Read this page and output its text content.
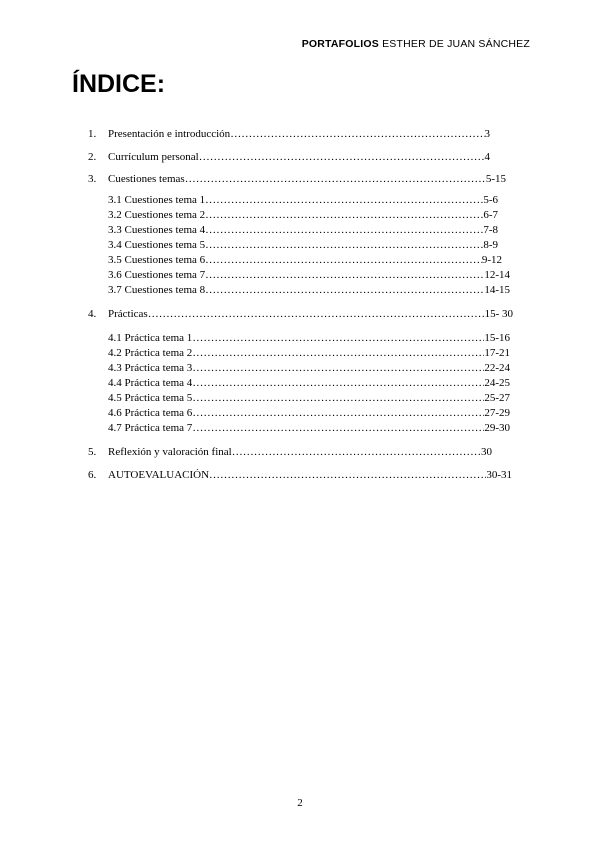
PORTAFOLIOS ESTHER DE JUAN SÁNCHEZ
ÍNDICE:
1.	Presentación e introducción ……………………………………………………………………………………………………………………………………………………………………………	3
2.	Currículum personal ……………………………………………………………………………………………………………………………………………………………………………	4
3.	Cuestiones temas ……………………………………………………………………………………………………………………………………………………………………………	5-15
3.1 Cuestiones tema 1 ……………………………………………………………………………………………………………………………………………………………………………	5-6
3.2 Cuestiones tema 2 ……………………………………………………………………………………………………………………………………………………………………………	6-7
3.3 Cuestiones tema 4 ……………………………………………………………………………………………………………………………………………………………………………	7-8
3.4 Cuestiones tema 5 ……………………………………………………………………………………………………………………………………………………………………………	8-9
3.5 Cuestiones tema 6 ……………………………………………………………………………………………………………………………………………………………………………	9-12
3.6 Cuestiones tema 7 ……………………………………………………………………………………………………………………………………………………………………………	12-14
3.7 Cuestiones tema 8 ……………………………………………………………………………………………………………………………………………………………………………	14-15
4.	Prácticas ……………………………………………………………………………………………………………………………………………………………………………	15- 30
4.1 Práctica tema 1 ……………………………………………………………………………………………………………………………………………………………………………	15-16
4.2 Práctica tema 2 ……………………………………………………………………………………………………………………………………………………………………………	17-21
4.3 Práctica tema 3 ……………………………………………………………………………………………………………………………………………………………………………	22-24
4.4 Práctica tema 4 ……………………………………………………………………………………………………………………………………………………………………………	24-25
4.5 Práctica tema 5 ……………………………………………………………………………………………………………………………………………………………………………	25-27
4.6 Práctica tema 6 ……………………………………………………………………………………………………………………………………………………………………………	27-29
4.7 Práctica tema 7 ……………………………………………………………………………………………………………………………………………………………………………	29-30
5.	Reflexión y valoración final ……………………………………………………………………………………………………………………………………………………………………………	30
6.	AUTOEVALUACIÓN ……………………………………………………………………………………………………………………………………………………………………………	30-31
2
